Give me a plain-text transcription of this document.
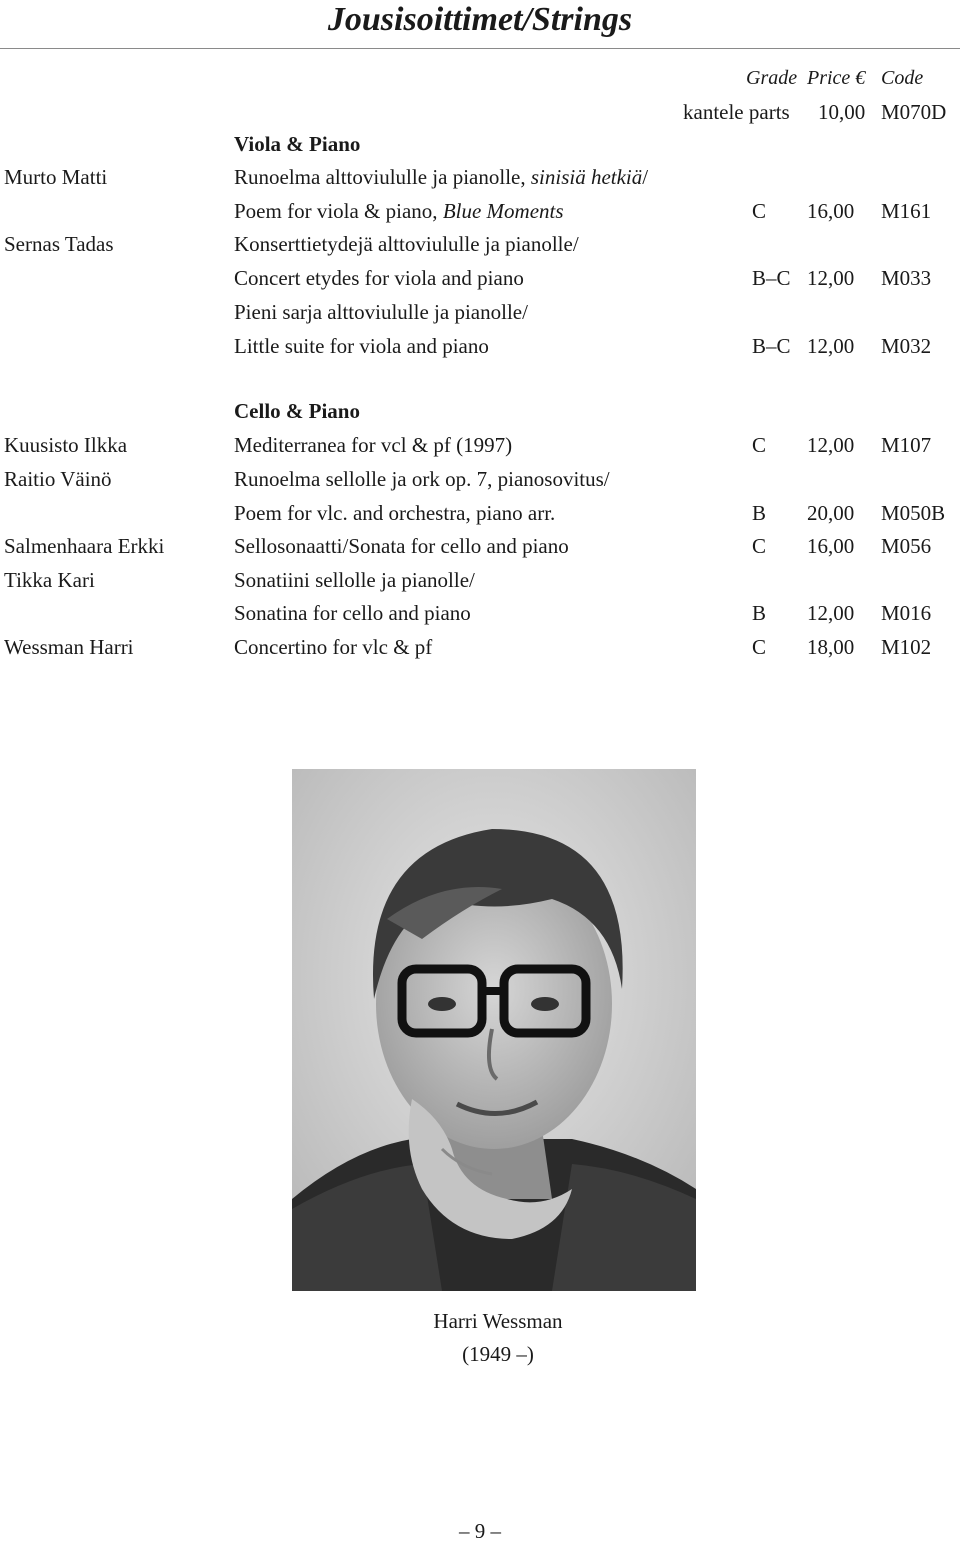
Jousisoittimet/Strings
Grade Price € Code
kantele parts 10,00 M070D
Viola & Piano
Murto Matti	Runoelma alttoviululle ja pianolle, sinisiä hetkiä/
Poem for viola & piano, Blue Moments	C 16,00 M161
Sernas Tadas	Konserttietydejä alttoviululle ja pianolle/
Concert etydes for viola and piano	B–C 12,00 M033
Pieni sarja alttoviululle ja pianolle/
Little suite for viola and piano	B–C 12,00 M032
Cello & Piano
Kuusisto Ilkka	Mediterranea for vcl & pf (1997)	C 12,00 M107
Raitio Väinö	Runoelma sellolle ja ork op. 7, pianosovitus/
Poem for vlc. and orchestra, piano arr.	B 20,00 M050B
Salmenhaara Erkki	Sellosonaatti/Sonata for cello and piano	C 16,00 M056
Tikka Kari	Sonatiini sellolle ja pianolle/
Sonatina for cello and piano	B 12,00 M016
Wessman Harri	Concertino for vlc & pf	C 18,00 M102
Harri Wessman
(1949 –)
– 9 –
